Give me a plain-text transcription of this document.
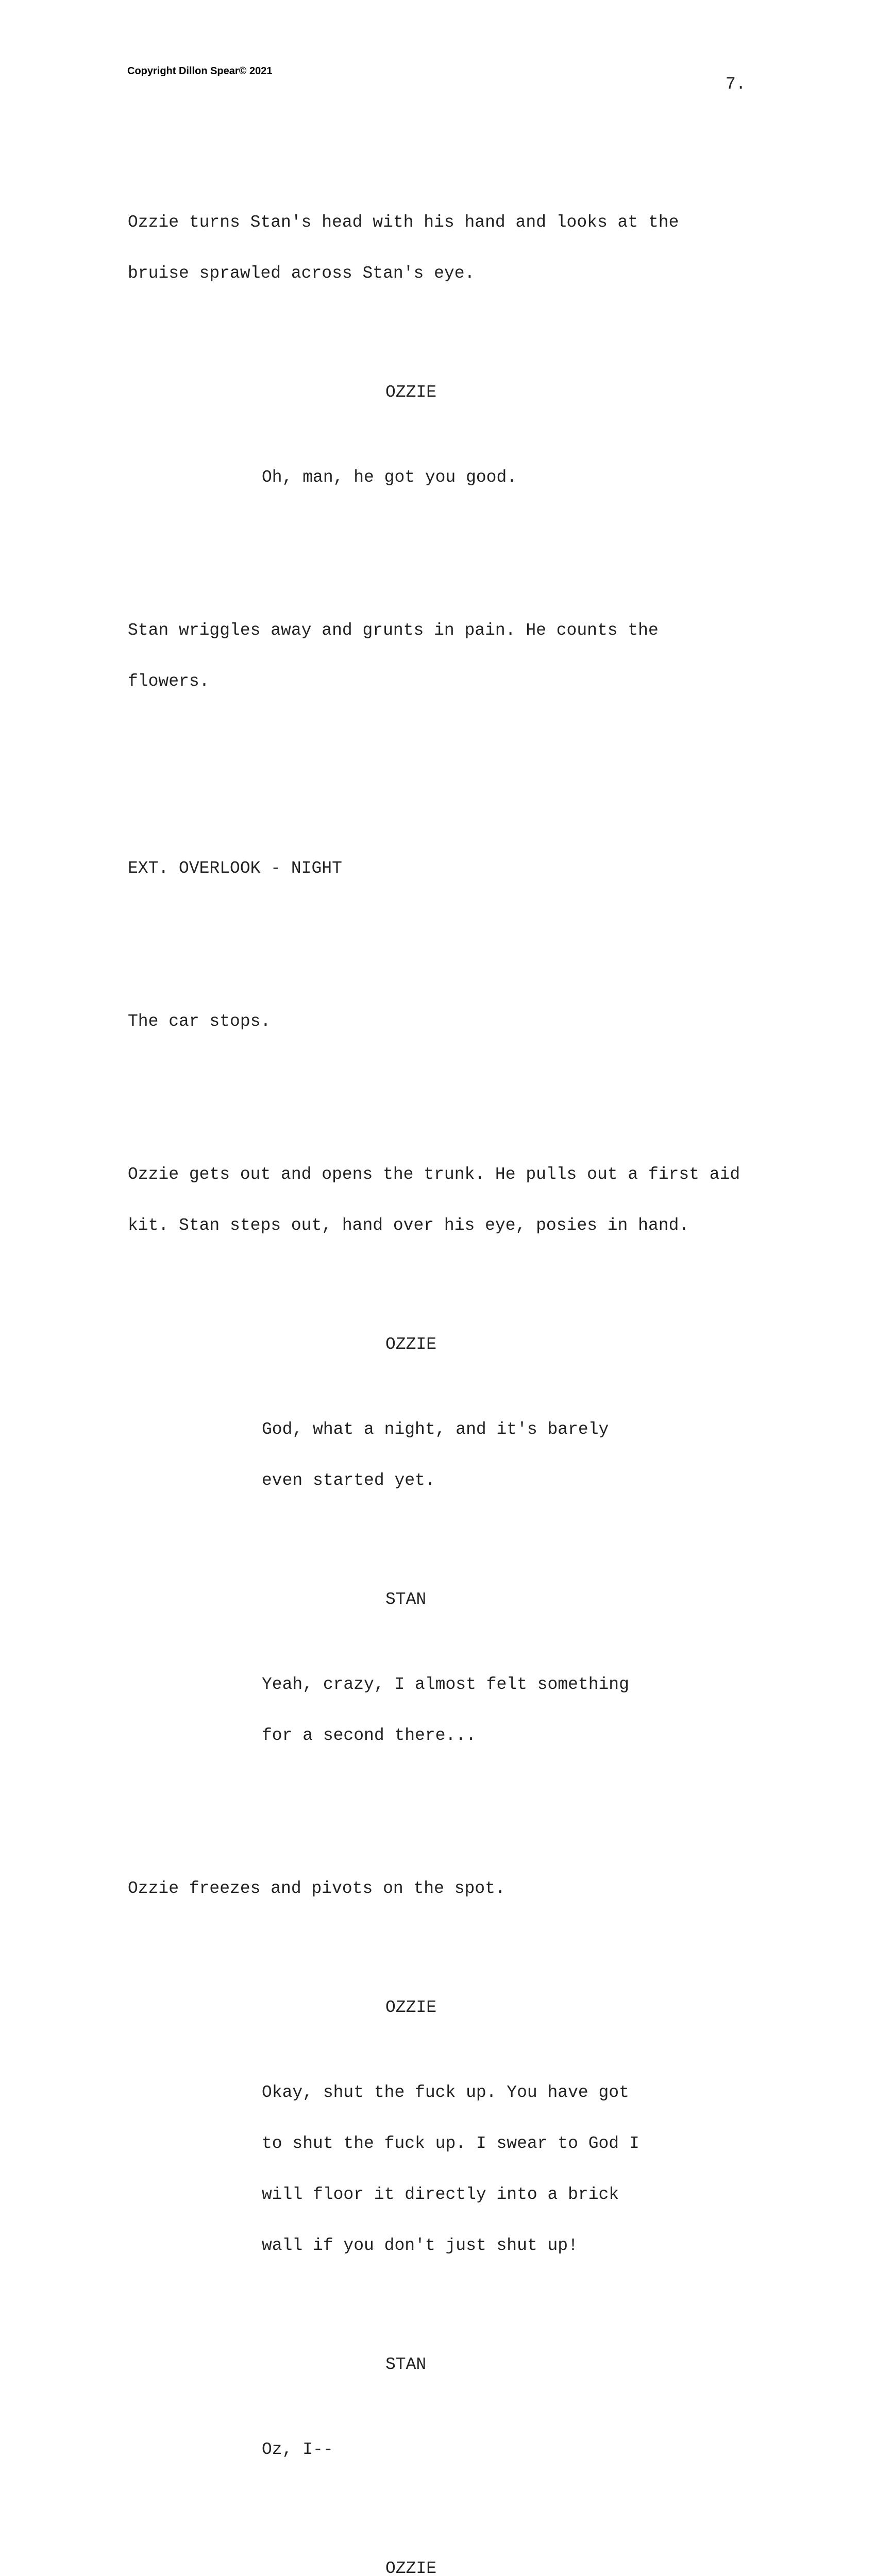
Copyright Dillon Spear© 2021
7.

Ozzie turns Stan's head with his hand and looks at the

bruise sprawled across Stan's eye.

OZZIE

Oh, man, he got you good.

Stan wriggles away and grunts in pain. He counts the

flowers.

EXT. OVERLOOK - NIGHT

The car stops.

Ozzie gets out and opens the trunk. He pulls out a first aid

kit. Stan steps out, hand over his eye, posies in hand.

OZZIE

God, what a night, and it's barely

even started yet.

STAN

Yeah, crazy, I almost felt something

for a second there...

Ozzie freezes and pivots on the spot.

OZZIE

Okay, shut the fuck up. You have got

to shut the fuck up. I swear to God I

will floor it directly into a brick

wall if you don't just shut up!

STAN

Oz, I--

OZZIE
